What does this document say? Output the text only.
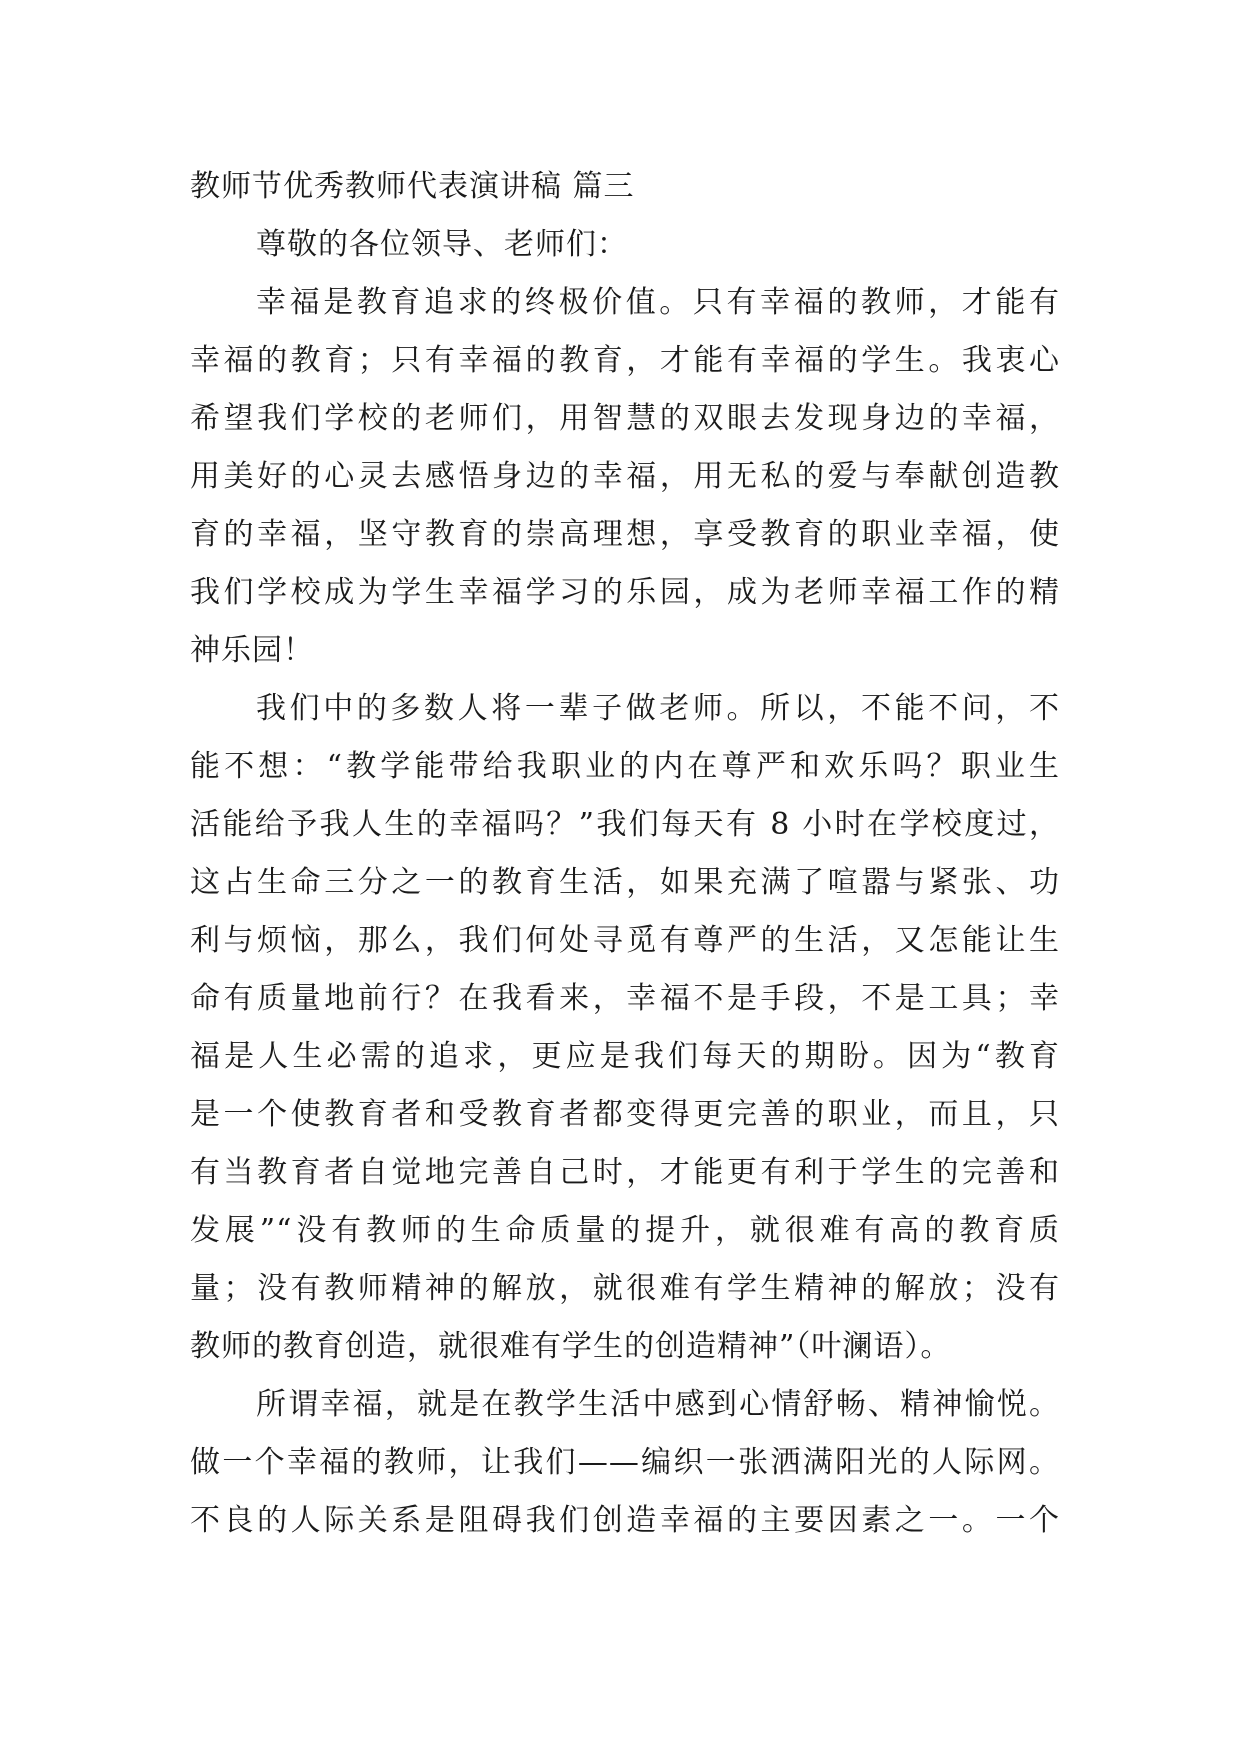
教师节优秀教师代表演讲稿 篇三

尊敬的各位领导、老师们：

幸福是教育追求的终极价值。只有幸福的教师，才能有
幸福的教育；只有幸福的教育，才能有幸福的学生。我衷心
希望我们学校的老师们，用智慧的双眼去发现身边的幸福，
用美好的心灵去感悟身边的幸福，用无私的爱与奉献创造教
育的幸福，坚守教育的崇高理想，享受教育的职业幸福，使
我们学校成为学生幸福学习的乐园，成为老师幸福工作的精
神乐园！
我们中的多数人将一辈子做老师。所以，不能不问，不
能不想：“教学能带给我职业的内在尊严和欢乐吗？职业生
活能给予我人生的幸福吗？”我们每天有 8 小时在学校度过，
这占生命三分之一的教育生活，如果充满了喧嚣与紧张、功
利与烦恼，那么，我们何处寻觅有尊严的生活，又怎能让生
命有质量地前行？在我看来，幸福不是手段，不是工具；幸
福是人生必需的追求，更应是我们每天的期盼。因为“教育
是一个使教育者和受教育者都变得更完善的职业，而且，只
有当教育者自觉地完善自己时，才能更有利于学生的完善和
发展”“没有教师的生命质量的提升，就很难有高的教育质
量；没有教师精神的解放，就很难有学生精神的解放；没有
教师的教育创造，就很难有学生的创造精神”（叶澜语）。
所谓幸福，就是在教学生活中感到心情舒畅、精神愉悦。
做一个幸福的教师，让我们——编织一张洒满阳光的人际网。
不良的人际关系是阻碍我们创造幸福的主要因素之一。一个
